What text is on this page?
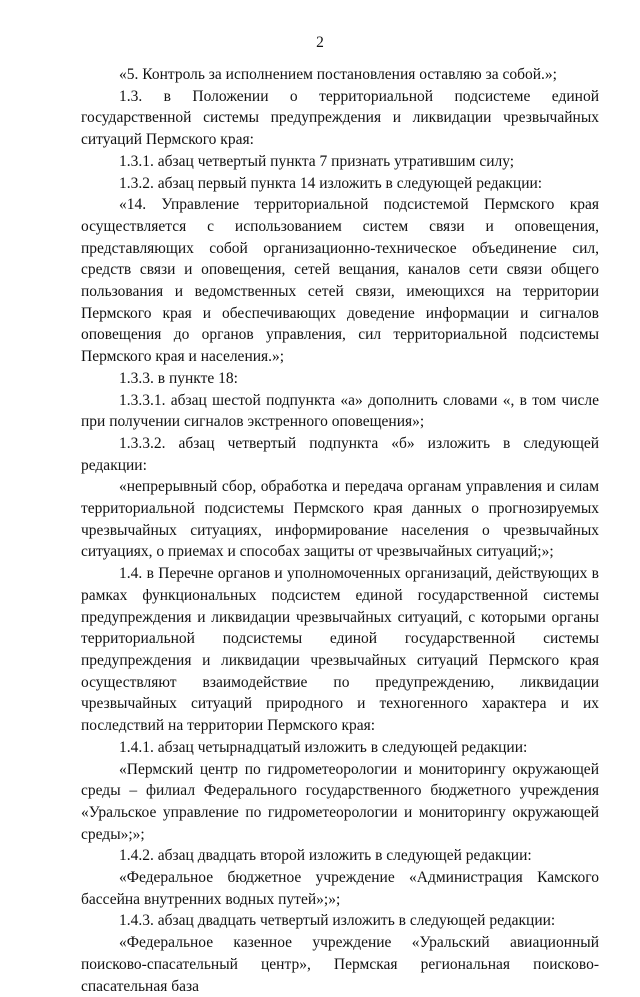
2

«5. Контроль за исполнением постановления оставляю за собой.»;

1.3. в Положении о территориальной подсистеме единой государственной системы предупреждения и ликвидации чрезвычайных ситуаций Пермского края:

1.3.1. абзац четвертый пункта 7 признать утратившим силу;

1.3.2. абзац первый пункта 14 изложить в следующей редакции:

«14. Управление территориальной подсистемой Пермского края осуществляется с использованием систем связи и оповещения, представляющих собой организационно-техническое объединение сил, средств связи и оповещения, сетей вещания, каналов сети связи общего пользования и ведомственных сетей связи, имеющихся на территории Пермского края и обеспечивающих доведение информации и сигналов оповещения до органов управления, сил территориальной подсистемы Пермского края и населения.»;

1.3.3. в пункте 18:

1.3.3.1. абзац шестой подпункта «а» дополнить словами «, в том числе при получении сигналов экстренного оповещения»;

1.3.3.2. абзац четвертый подпункта «б» изложить в следующей редакции:

«непрерывный сбор, обработка и передача органам управления и силам территориальной подсистемы Пермского края данных о прогнозируемых чрезвычайных ситуациях, информирование населения о чрезвычайных ситуациях, о приемах и способах защиты от чрезвычайных ситуаций;»;

1.4. в Перечне органов и уполномоченных организаций, действующих в рамках функциональных подсистем единой государственной системы предупреждения и ликвидации чрезвычайных ситуаций, с которыми органы территориальной подсистемы единой государственной системы предупреждения и ликвидации чрезвычайных ситуаций Пермского края осуществляют взаимодействие по предупреждению, ликвидации чрезвычайных ситуаций природного и техногенного характера и их последствий на территории Пермского края:

1.4.1. абзац четырнадцатый изложить в следующей редакции:

«Пермский центр по гидрометеорологии и мониторингу окружающей среды – филиал Федерального государственного бюджетного учреждения «Уральское управление по гидрометеорологии и мониторингу окружающей среды»;»;

1.4.2. абзац двадцать второй изложить в следующей редакции:

«Федеральное бюджетное учреждение «Администрация Камского бассейна внутренних водных путей»;»;

1.4.3. абзац двадцать четвертый изложить в следующей редакции:

«Федеральное казенное учреждение «Уральский авиационный поисково-спасательный центр», Пермская региональная поисково-спасательная база
